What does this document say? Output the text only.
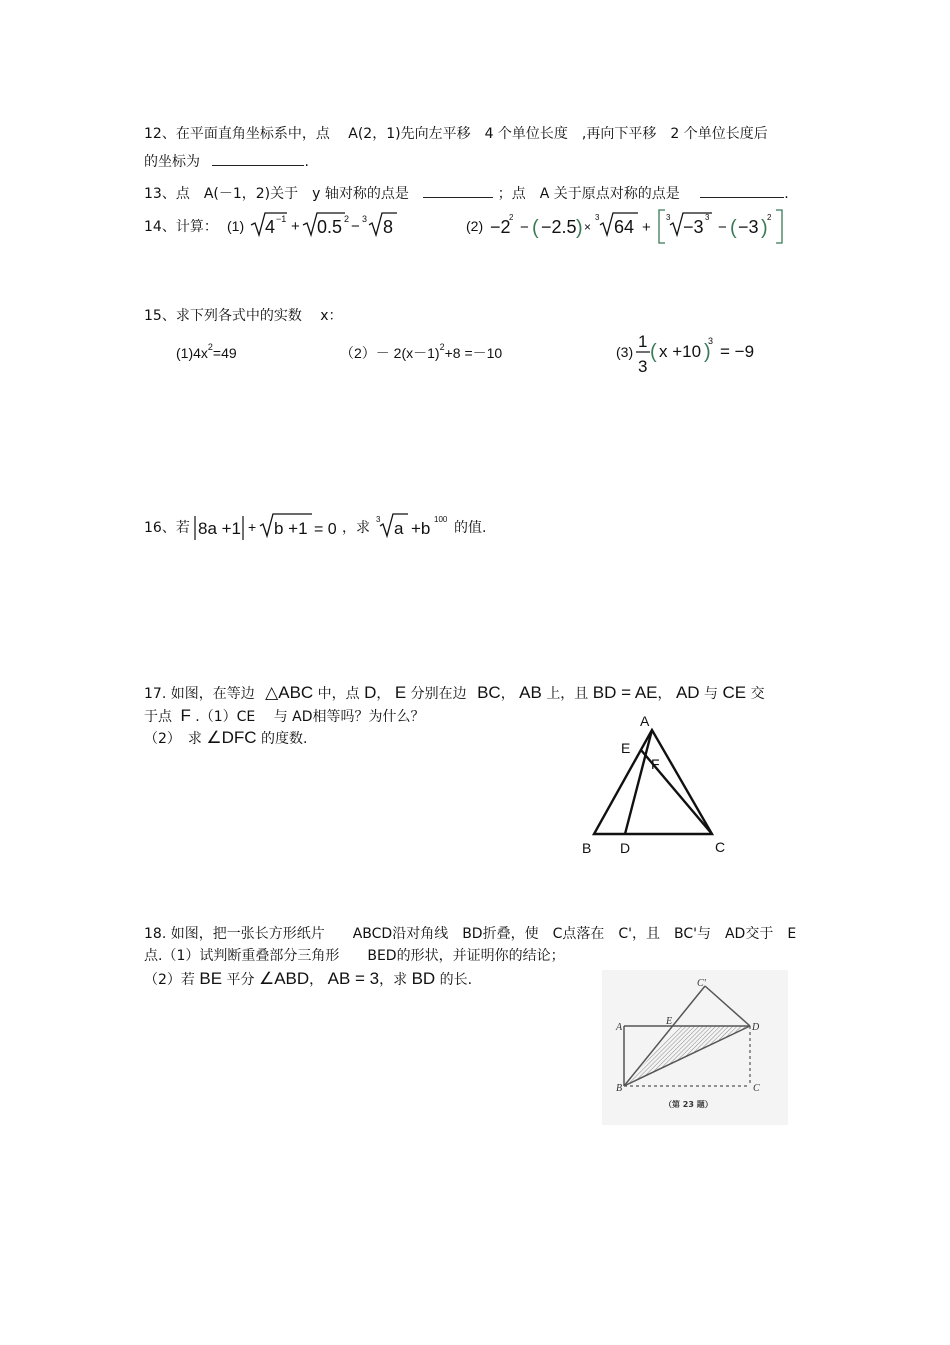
12、在平面直角坐标系中，点　 A(2，1)先向左平移　4 个单位长度　,再向下平移　2 个单位长度后
的坐标为	.
13、点　A(－1，2)关于　y 轴对称的点是	；点　A 关于原点对称的点是	.
14、计算： (1) 4 −1 + 0.5 2 − 3 8	(2) −2
2
− ( −2.5 ) ×
3 64 +
3 −3 3
− ( −3 ) 2
15、求下列各式中的实数　 x：
$(1)4x^2=49$	$(2)- 2(x-1)^2+8 =-10$	(3)
1
3
( x +10 )
3
= −9
16、若 8a +1 + b +1 = 0 ，求
3 a +b 100
的值.
17. 如图，在等边 △ABC 中，点 D， E 分别在边 BC， AB 上，且 BD = AE， AD 与 CE 交
于点 F .（1）CE　 与 AD相等吗？为什么？
（2）　求 ∠DFC 的度数.
A
E
F
B D	C
18. 如图，把一张长方形纸片　　ABCD沿对角线　BD折叠，使　C点落在　C'，且　BC'与　AD交于　E
点.（1）试判断重叠部分三角形　　BED的形状，并证明你的结论；
（2）若 BE 平分 ∠ABD， AB = 3，求 BD 的长.	C'
A
E
D
B	C
（第 23 题）
